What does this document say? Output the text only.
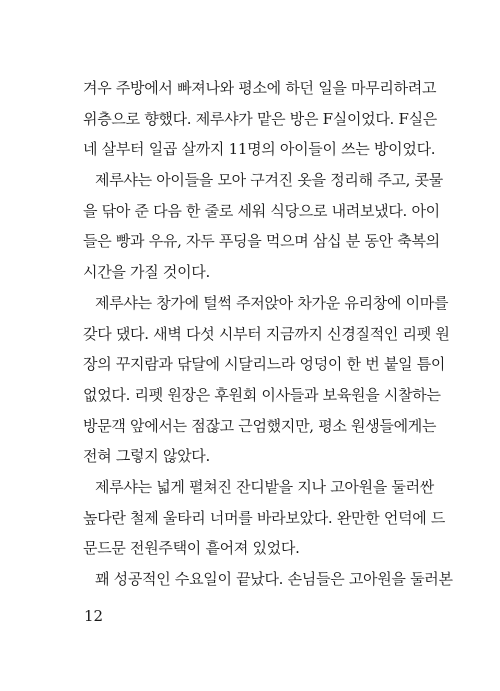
겨우 주방에서 빠져나와 평소에 하던 일을 마무리하려고
위층으로 향했다. 제루샤가 맡은 방은 F실이었다. F실은
네 살부터 일곱 살까지 11명의 아이들이 쓰는 방이었다.
제루샤는 아이들을 모아 구겨진 옷을 정리해 주고, 콧물
을 닦아 준 다음 한 줄로 세워 식당으로 내려보냈다. 아이
들은 빵과 우유, 자두 푸딩을 먹으며 삼십 분 동안 축복의
시간을 가질 것이다.
제루샤는 창가에 털썩 주저앉아 차가운 유리창에 이마를
갖다 댔다. 새벽 다섯 시부터 지금까지 신경질적인 리펫 원
장의 꾸지람과 닦달에 시달리느라 엉덩이 한 번 붙일 틈이
없었다. 리펫 원장은 후원회 이사들과 보육원을 시찰하는
방문객 앞에서는 점잖고 근엄했지만, 평소 원생들에게는
전혀 그렇지 않았다.
제루샤는 넓게 펼쳐진 잔디밭을 지나 고아원을 둘러싼
높다란 철제 울타리 너머를 바라보았다. 완만한 언덕에 드
문드문 전원주택이 흩어져 있었다.
꽤 성공적인 수요일이 끝났다. 손님들은 고아원을 둘러본
12
